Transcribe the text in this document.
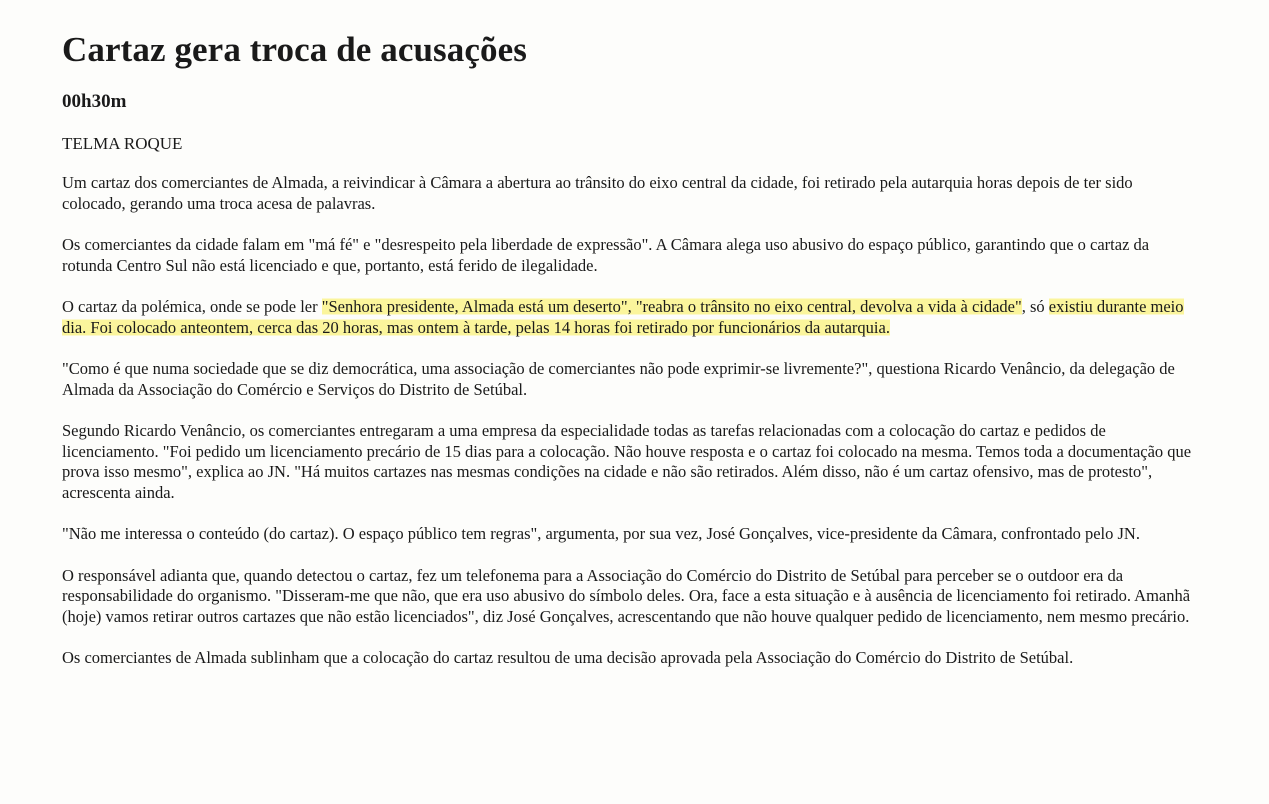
Cartaz gera troca de acusações
00h30m
TELMA ROQUE

Um cartaz dos comerciantes de Almada, a reivindicar à Câmara a abertura ao trânsito do eixo central da cidade, foi retirado pela autarquia horas depois de ter sido colocado, gerando uma troca acesa de palavras.

Os comerciantes da cidade falam em "má fé" e "desrespeito pela liberdade de expressão". A Câmara alega uso abusivo do espaço público, garantindo que o cartaz da rotunda Centro Sul não está licenciado e que, portanto, está ferido de ilegalidade.

O cartaz da polémica, onde se pode ler "Senhora presidente, Almada está um deserto", "reabra o trânsito no eixo central, devolva a vida à cidade", só existiu durante meio dia. Foi colocado anteontem, cerca das 20 horas, mas ontem à tarde, pelas 14 horas foi retirado por funcionários da autarquia.

"Como é que numa sociedade que se diz democrática, uma associação de comerciantes não pode exprimir-se livremente?", questiona Ricardo Venâncio, da delegação de Almada da Associação do Comércio e Serviços do Distrito de Setúbal.

Segundo Ricardo Venâncio, os comerciantes entregaram a uma empresa da especialidade todas as tarefas relacionadas com a colocação do cartaz e pedidos de licenciamento. "Foi pedido um licenciamento precário de 15 dias para a colocação. Não houve resposta e o cartaz foi colocado na mesma. Temos toda a documentação que prova isso mesmo", explica ao JN. "Há muitos cartazes nas mesmas condições na cidade e não são retirados. Além disso, não é um cartaz ofensivo, mas de protesto", acrescenta ainda.

"Não me interessa o conteúdo (do cartaz). O espaço público tem regras", argumenta, por sua vez, José Gonçalves, vice-presidente da Câmara, confrontado pelo JN.

O responsável adianta que, quando detectou o cartaz, fez um telefonema para a Associação do Comércio do Distrito de Setúbal para perceber se o outdoor era da responsabilidade do organismo. "Disseram-me que não, que era uso abusivo do símbolo deles. Ora, face a esta situação e à ausência de licenciamento foi retirado. Amanhã (hoje) vamos retirar outros cartazes que não estão licenciados", diz José Gonçalves, acrescentando que não houve qualquer pedido de licenciamento, nem mesmo precário.

Os comerciantes de Almada sublinham que a colocação do cartaz resultou de uma decisão aprovada pela Associação do Comércio do Distrito de Setúbal.
